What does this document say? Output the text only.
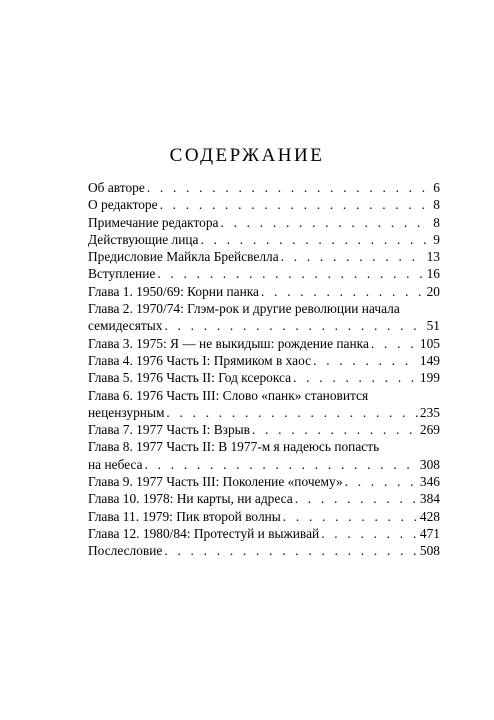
СОДЕРЖАНИЕ
Об авторе . . .	6
О редакторе . . .	8
Примечание редактора . . .	8
Действующие лица . . .	9
Предисловие Майкла Брейсвелла . . .	13
Вступление . . .	16
Глава 1. 1950/69: Корни панка . . .	20
Глава 2. 1970/74: Глэм-рок и другие революции начала
семидесятых . . .	51
Глава 3. 1975: Я — не выкидыш: рождение панка . . .	105
Глава 4. 1976 Часть I: Прямиком в хаос . . .	149
Глава 5. 1976 Часть II: Год ксерокса . . .	199
Глава 6. 1976 Часть III: Слово «панк» становится
нецензурным . . .	235
Глава 7. 1977 Часть I: Взрыв . . .	269
Глава 8. 1977 Часть II: В 1977-м я надеюсь попасть
на небеса . . .	308
Глава 9. 1977 Часть III: Поколение «почему» . . .	346
Глава 10. 1978: Ни карты, ни адреса . . .	384
Глава 11. 1979: Пик второй волны . . .	428
Глава 12. 1980/84: Протестуй и выживай . . .	471
Послесловие . . .	508
